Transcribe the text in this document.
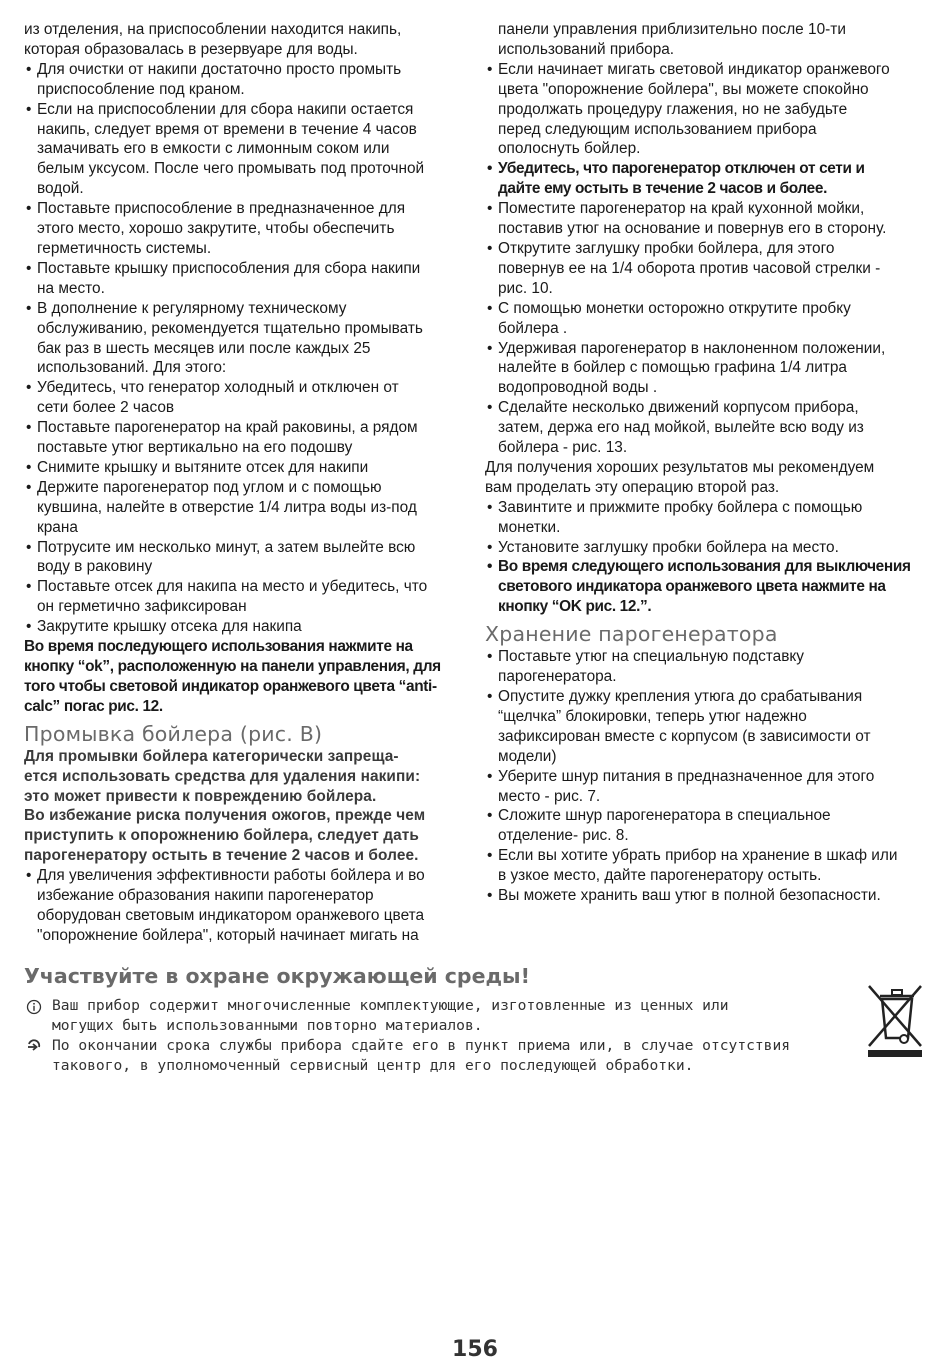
из отделения, на приспособлении находится накипь,
которая образовалась в резервуаре для воды.

• Для очистки от накипи достаточно просто промыть
приспособление под краном.

• Если на приспособлении для сбора накипи остается
накипь, следует время от времени в течение 4 часов
замачивать его в емкости с лимонным соком или
белым уксусом. После чего промывать под проточной
водой.

• Поставьте приспособление в предназначенное для
этого место, хорошо закрутите, чтобы обеспечить
герметичность системы.

• Поставьте крышку приспособления для сбора накипи
на место.

• В дополнение к регулярному техническому
обслуживанию, рекомендуется тщательно промывать
бак раз в шесть месяцев или после каждых 25
использований. Для этого:

• Убедитесь, что генератор холодный и отключен от
сети более 2 часов

• Поставьте парогенератор на край раковины, а рядом
поставьте утюг вертикально на его подошву

• Снимите крышку и вытяните отсек для накипи

• Держите парогенератор под углом и с помощью
кувшина, налейте в отверстие 1/4 литра воды из-под
крана

• Потрусите им несколько минут, а затем вылейте всю
воду в раковину

• Поставьте отсек для накипа на место и убедитесь, что
он герметично зафиксирован

• Закрутите крышку отсека для накипа

Во время последующего использования нажмите на
кнопку “ok”, расположенную на панели управления, для
того чтобы световой индикатор оранжевого цвета “anti-
calc” погас рис. 12.

Промывка бойлера (рис. B)

Для промывки бойлера категорически запреща-
ется использовать средства для удаления накипи:
это может привести к повреждению бойлера.

Во избежание риска получения ожогов, прежде чем
приступить к опорожнению бойлера, следует дать
парогенератору остыть в течение 2 часов и более.

• Для увеличения эффективности работы бойлера и во
избежание образования накипи парогенератор
оборудован световым индикатором оранжевого цвета
"опорожнение бойлера", который начинает мигать на

панели управления приблизительно после 10-ти
использований прибора.

• Если начинает мигать световой индикатор оранжевого
цвета "опорожнение бойлера", вы можете спокойно
продолжать процедуру глажения, но не забудьте
перед следующим использованием прибора
ополоснуть бойлер.

• Убедитесь, что парогенератор отключен от сети и
дайте ему остыть в течение 2 часов и более.

• Поместите парогенератор на край кухонной мойки,
поставив утюг на основание и повернув его в сторону.

• Открутите заглушку пробки бойлера, для этого
повернув ее на 1/4 оборота против часовой стрелки -
рис. 10.

• С помощью монетки осторожно открутите пробку
бойлера .

• Удерживая парогенератор в наклоненном положении,
налейте в бойлер с помощью графина 1/4 литра
водопроводной воды .

• Сделайте несколько движений корпусом прибора,
затем, держа его над мойкой, вылейте всю воду из
бойлера - рис. 13.

Для получения хороших результатов мы рекомендуем
вам проделать эту операцию второй раз.

• Завинтите и прижмите пробку бойлера с помощью
монетки.

• Установите заглушку пробки бойлера на место.

• Во время следующего использования для выключения
светового индикатора оранжевого цвета нажмите на
кнопку “OK рис. 12.”.

Хранение парогенератора

• Поставьте утюг на специальную подставку
парогенератора.

• Опустите дужку крепления утюга до срабатывания
“щелчка” блокировки, теперь утюг надежно
зафиксирован вместе с корпусом (в зависимости от
модели)

• Уберите шнур питания в предназначенное для этого
место - рис. 7.

• Сложите шнур парогенератора в специальное
отделение- рис. 8.

• Если вы хотите убрать прибор на хранение в шкаф или
в узкое место, дайте парогенератору остыть.

• Вы можете хранить ваш утюг в полной безопасности.

Участвуйте в охране окружающей среды!
Ваш прибор содержит многочисленные комплектующие, изготовленные из ценных или
могущих быть использованными повторно материалов.
По окончании срока службы прибора сдайте его в пункт приема или, в случае отсутствия
такового, в уполномоченный сервисный центр для его последующей обработки.
156
